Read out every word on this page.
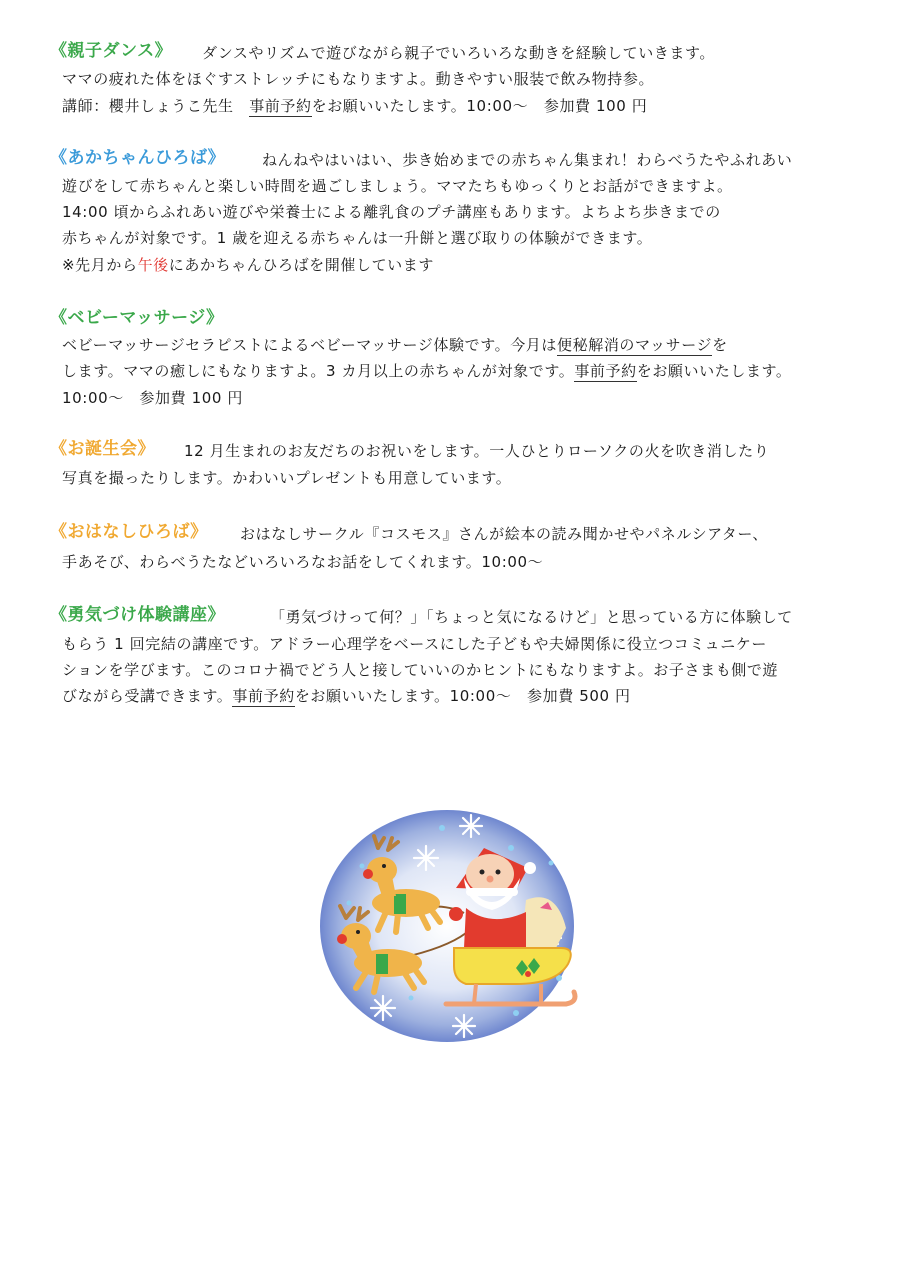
《親子ダンス》 ダンスやリズムで遊びながら親子でいろいろな動きを経験していきます。
ママの疲れた体をほぐすストレッチにもなりますよ。動きやすい服装で飲み物持参。
講師：櫻井しょうこ先生　事前予約をお願いいたします。10:00～　参加費 100 円
《あかちゃんひろば》 ねんねやはいはい、歩き始めまでの赤ちゃん集まれ！わらべうたやふれあい
遊びをして赤ちゃんと楽しい時間を過ごしましょう。ママたちもゆっくりとお話ができますよ。
14:00 頃からふれあい遊びや栄養士による離乳食のプチ講座もあります。よちよち歩きまでの
赤ちゃんが対象です。1 歳を迎える赤ちゃんは一升餅と選び取りの体験ができます。
※先月から午後にあかちゃんひろばを開催しています
《ベビーマッサージ》
ベビーマッサージセラピストによるベビーマッサージ体験です。今月は便秘解消のマッサージを
します。ママの癒しにもなりますよ。3 カ月以上の赤ちゃんが対象です。事前予約をお願いいたします。
10:00～　参加費 100 円
《お誕生会》 12 月生まれのお友だちのお祝いをします。一人ひとりローソクの火を吹き消したり
写真を撮ったりします。かわいいプレゼントも用意しています。
《おはなしひろば》 おはなしサークル『コスモス』さんが絵本の読み聞かせやパネルシアター、
手あそび、わらべうたなどいろいろなお話をしてくれます。10:00～
《勇気づけ体験講座》	「勇気づけって何？」「ちょっと気になるけど」と思っている方に体験して
もらう 1 回完結の講座です。アドラー心理学をベースにした子どもや夫婦関係に役立つコミュニケー
ションを学びます。このコロナ禍でどう人と接していいのかヒントにもなりますよ。お子さまも側で遊
びながら受講できます。事前予約をお願いいたします。10:00～　参加費 500 円
